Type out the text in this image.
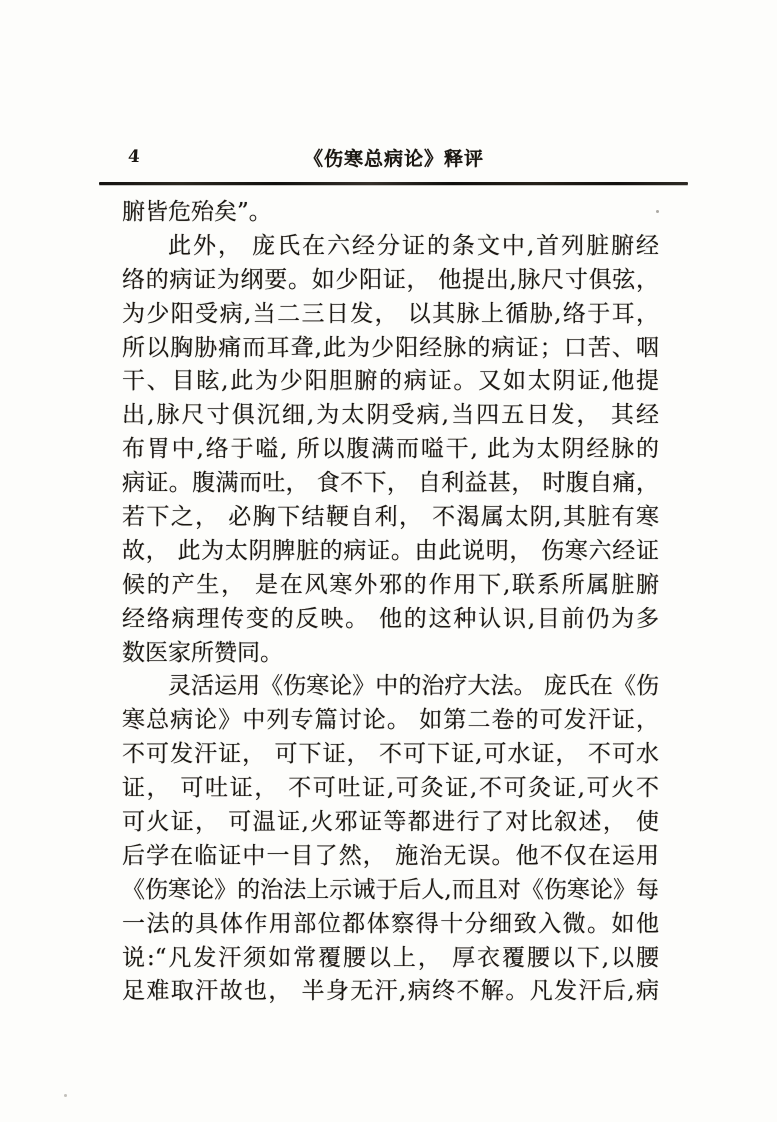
4	《伤寒总病论》释评
腑皆危殆矣”。
此外， 庞氏在六经分证的条文中,首列脏腑经
络的病证为纲要。如少阳证， 他提出,脉尺寸俱弦，
为少阳受病,当二三日发， 以其脉上循胁,络于耳，
所以胸胁痛而耳聋,此为少阳经脉的病证；口苦、咽
干、目眩,此为少阳胆腑的病证。又如太阴证,他提
出,脉尺寸俱沉细,为太阴受病,当四五日发， 其经
布胃中,络于嗌, 所以腹满而嗌干, 此为太阴经脉的
病证。腹满而吐， 食不下， 自利益甚， 时腹自痛，
若下之， 必胸下结鞕自利， 不渴属太阴,其脏有寒
故， 此为太阴脾脏的病证。由此说明， 伤寒六经证
候的产生， 是在风寒外邪的作用下,联系所属脏腑
经络病理传变的反映。 他的这种认识,目前仍为多
数医家所赞同。
灵活运用《伤寒论》中的治疗大法。 庞氏在《伤
寒总病论》中列专篇讨论。 如第二卷的可发汗证，
不可发汗证， 可下证， 不可下证,可水证， 不可水
证， 可吐证， 不可吐证,可灸证,不可灸证,可火不
可火证， 可温证,火邪证等都进行了对比叙述， 使
后学在临证中一目了然， 施治无误。他不仅在运用
《伤寒论》的治法上示诫于后人,而且对《伤寒论》每
一法的具体作用部位都体察得十分细致入微。如他
说:“凡发汗须如常覆腰以上， 厚衣覆腰以下,以腰
足难取汗故也， 半身无汗,病终不解。凡发汗后,病
